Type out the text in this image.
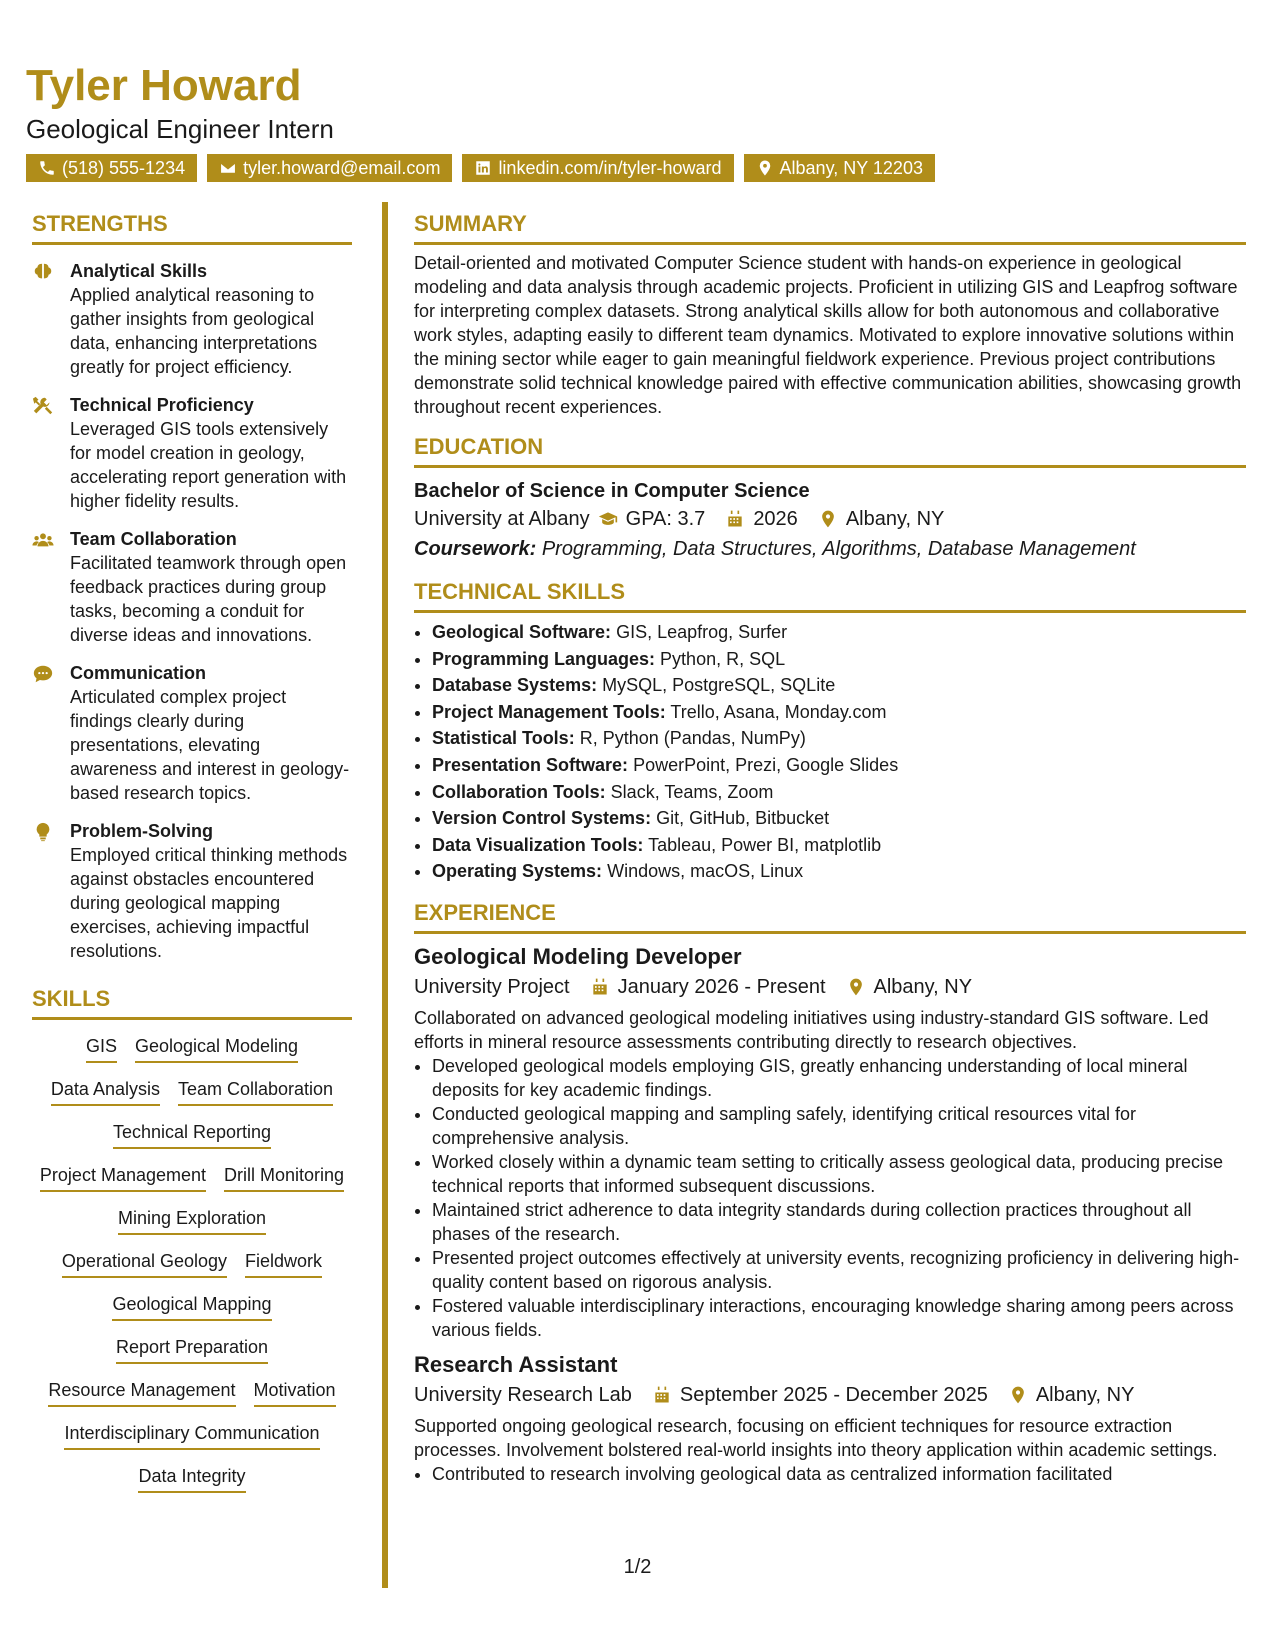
Tyler Howard
Geological Engineer Intern
(518) 555-1234	tyler.howard@email.com	linkedin.com/in/tyler-howard	Albany, NY 12203
STRENGTHS
Analytical Skills
Applied analytical reasoning to gather insights from geological data, enhancing interpretations greatly for project efficiency.
Technical Proficiency
Leveraged GIS tools extensively for model creation in geology, accelerating report generation with higher fidelity results.
Team Collaboration
Facilitated teamwork through open feedback practices during group tasks, becoming a conduit for diverse ideas and innovations.
Communication
Articulated complex project findings clearly during presentations, elevating awareness and interest in geology-based research topics.
Problem-Solving
Employed critical thinking methods against obstacles encountered during geological mapping exercises, achieving impactful resolutions.
SKILLS
GIS Geological Modeling
Data Analysis Team Collaboration
Technical Reporting
Project Management Drill Monitoring
Mining Exploration
Operational Geology Fieldwork
Geological Mapping
Report Preparation
Resource Management Motivation
Interdisciplinary Communication
Data Integrity
SUMMARY

Detail-oriented and motivated Computer Science student with hands-on experience in geological modeling and data analysis through academic projects. Proficient in utilizing GIS and Leapfrog software for interpreting complex datasets. Strong analytical skills allow for both autonomous and collaborative work styles, adapting easily to different team dynamics. Motivated to explore innovative solutions within the mining sector while eager to gain meaningful fieldwork experience. Previous project contributions demonstrate solid technical knowledge paired with effective communication abilities, showcasing growth throughout recent experiences.

EDUCATION
Bachelor of Science in Computer Science
University at Albany GPA: 3.7 2026 Albany, NY
Coursework: Programming, Data Structures, Algorithms, Database Management
TECHNICAL SKILLS
• Geological Software: GIS, Leapfrog, Surfer
• Programming Languages: Python, R, SQL
• Database Systems: MySQL, PostgreSQL, SQLite
• Project Management Tools: Trello, Asana, Monday.com
• Statistical Tools: R, Python (Pandas, NumPy)
• Presentation Software: PowerPoint, Prezi, Google Slides
• Collaboration Tools: Slack, Teams, Zoom
• Version Control Systems: Git, GitHub, Bitbucket
• Data Visualization Tools: Tableau, Power BI, matplotlib
• Operating Systems: Windows, macOS, Linux
EXPERIENCE
Geological Modeling Developer
University Project January 2026 - Present Albany, NY

Collaborated on advanced geological modeling initiatives using industry-standard GIS software. Led efforts in mineral resource assessments contributing directly to research objectives.

• Developed geological models employing GIS, greatly enhancing understanding of local mineral deposits for key academic findings.
• Conducted geological mapping and sampling safely, identifying critical resources vital for comprehensive analysis.
• Worked closely within a dynamic team setting to critically assess geological data, producing precise technical reports that informed subsequent discussions.
• Maintained strict adherence to data integrity standards during collection practices throughout all phases of the research.
• Presented project outcomes effectively at university events, recognizing proficiency in delivering high-quality content based on rigorous analysis.
• Fostered valuable interdisciplinary interactions, encouraging knowledge sharing among peers across various fields.
Research Assistant
University Research Lab September 2025 - December 2025 Albany, NY

Supported ongoing geological research, focusing on efficient techniques for resource extraction processes. Involvement bolstered real-world insights into theory application within academic settings.

• Contributed to research involving geological data as centralized information facilitated
1/2
